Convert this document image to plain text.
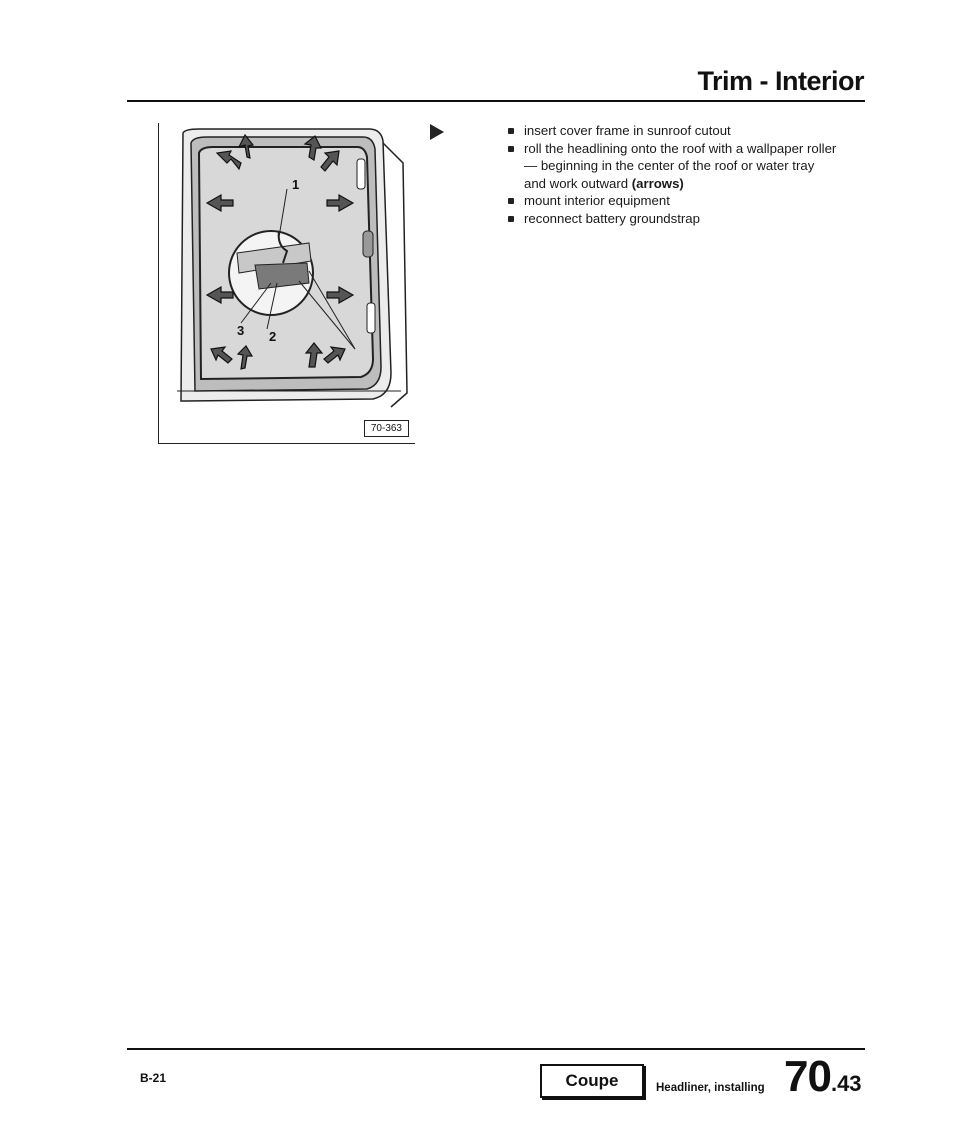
Trim - Interior
1
2
3
70-363
insert cover frame in sunroof cutout
roll the headlining onto the roof with a wallpaper roller — beginning in the center of the roof or water tray and work outward (arrows)
mount interior equipment
reconnect battery groundstrap
B-21	Coupe	Headliner, installing 70.43
